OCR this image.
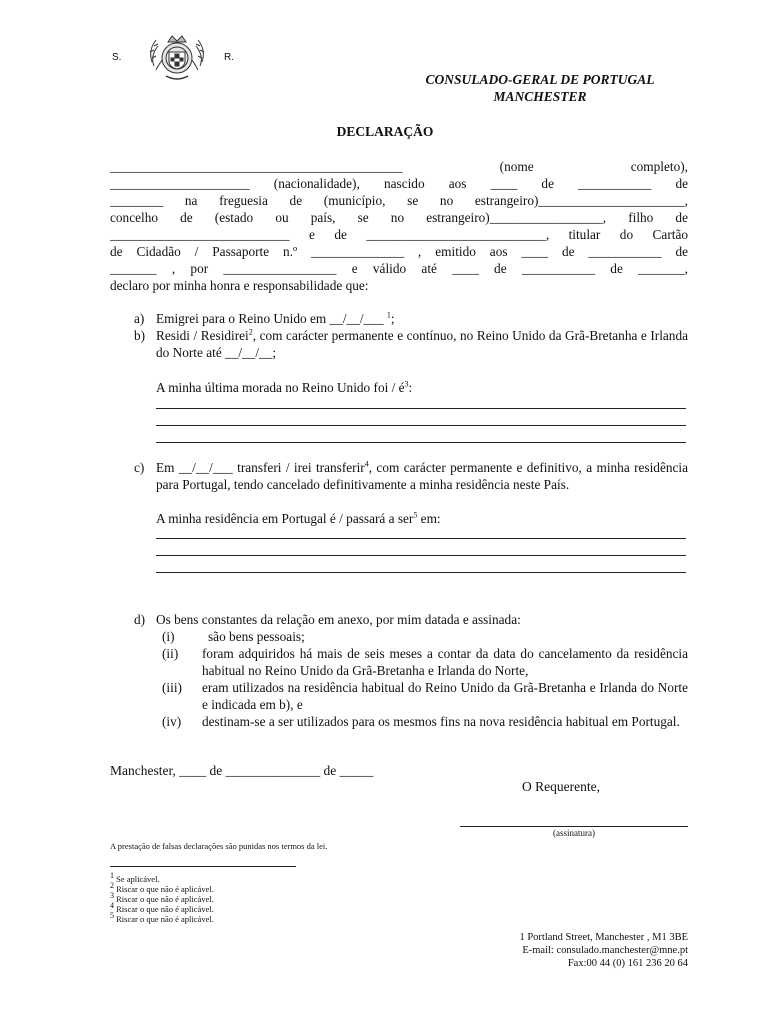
S.	R.
CONSULADO-GERAL DE PORTUGAL
MANCHESTER
DECLARAÇÃO

____________________________________________ (nome completo),

_____________________ (nacionalidade), nascido aos ____ de ___________ de

________ na freguesia de (município, se no estrangeiro)______________________,

concelho de (estado ou país, se no estrangeiro)_________________, filho de

___________________________ e de ___________________________, titular do Cartão

de Cidadão / Passaporte n.º ______________ , emitido aos ____ de ___________ de

_______ , por _________________ e válido até ____ de ___________ de _______,

declaro por minha honra e responsabilidade que:

a) Emigrei para o Reino Unido em __/__/___ $^1$;
b) Residi / Residirei$^2$, com carácter permanente e contínuo, no Reino Unido da Grã-Bretanha e Irlanda do Norte até __/__/__;
A minha última morada no Reino Unido foi / $é^3$:
c) Em __/__/___ transferi / irei transferir$^4$, com carácter permanente e definitivo, a minha residência para Portugal, tendo cancelado definitivamente a minha residência neste País.
A minha residência em Portugal é / passará a ser$^5$ em:
d) Os bens constantes da relação em anexo, por mim datada e assinada:
(i)	são bens pessoais;
(ii) foram adquiridos há mais de seis meses a contar da data do cancelamento da residência habitual no Reino Unido da Grã-Bretanha e Irlanda do Norte,
(iii) eram utilizados na residência habitual do Reino Unido da Grã-Bretanha e Irlanda do Norte e indicada em b), e
(iv) destinam-se a ser utilizados para os mesmos fins na nova residência habitual em Portugal.
Manchester, ____ de ______________ de _____
O Requerente,
(assinatura)
A prestação de falsas declarações são punidas nos termos da lei.
$^1$ Se aplicável.
$^2$ Riscar o que não é aplicável.
$^3$ Riscar o que não é aplicável.
$^4$ Riscar o que não é aplicável.
$^5$ Riscar o que não é aplicável.
1 Portland Street, Manchester , M1 3BE
E-mail: consulado.manchester@mne.pt
Fax:00 44 (0) 161 236 20 64
